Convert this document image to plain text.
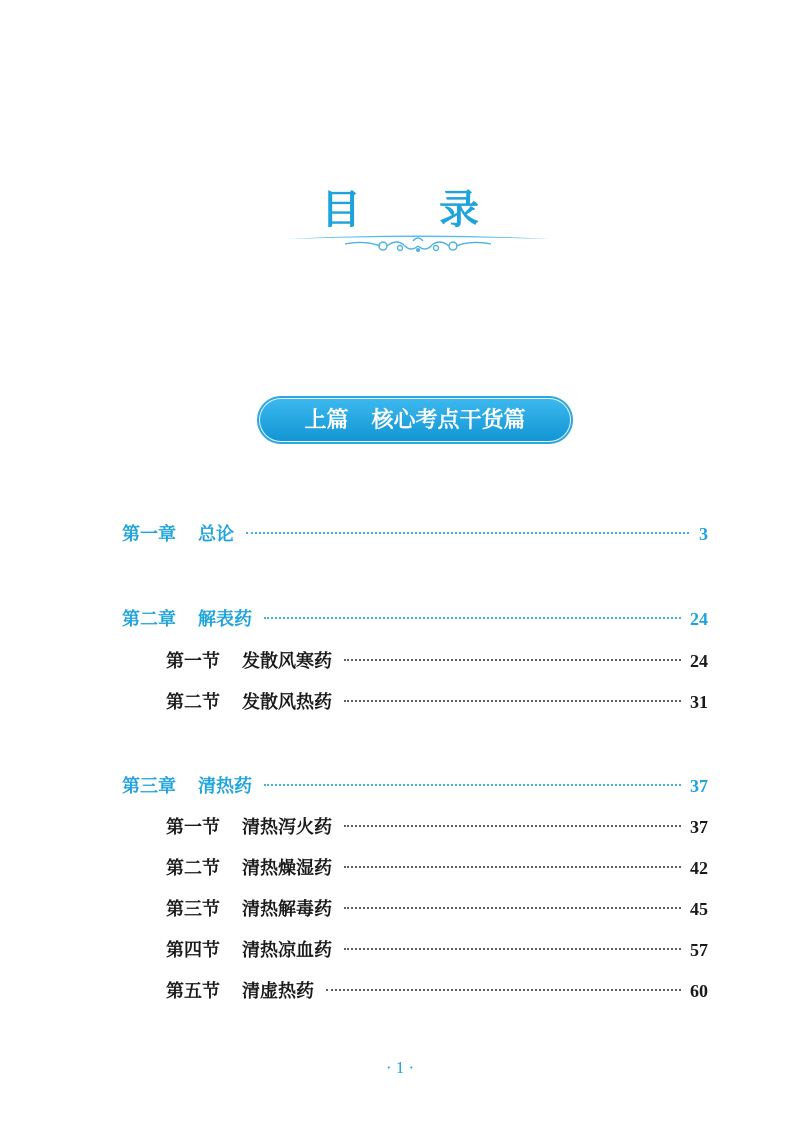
目 录
上篇 核心考点干货篇
第一章 总论	3
第二章 解表药	24
第一节 发散风寒药	24
第二节 发散风热药	31
第三章 清热药	37
第一节 清热泻火药	37
第二节 清热燥湿药	42
第三节 清热解毒药	45
第四节 清热凉血药	57
第五节 清虚热药	60
· 1 ·
